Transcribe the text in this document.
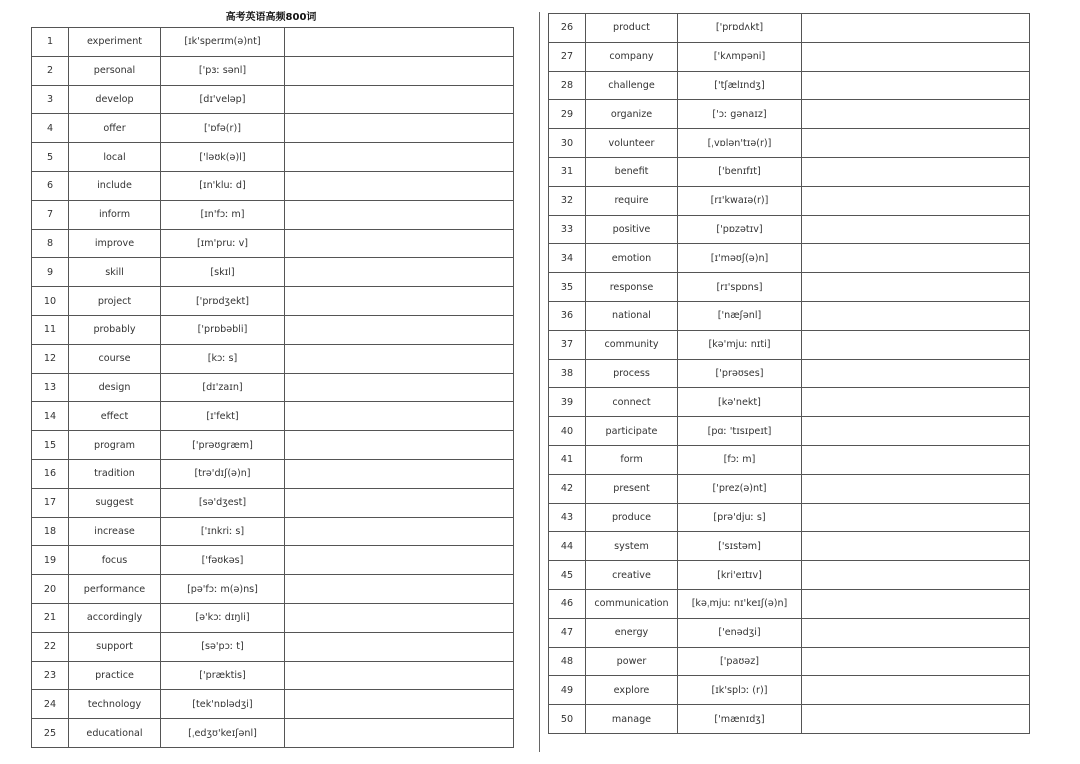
高考英语高频800词
1	experiment	[ɪk'sperɪm(ə)nt]	
2	personal	['pɜː sənl]	
3	develop	[dɪ'veləp]	
4	offer	['ɒfə(r)]	
5	local	['ləʊk(ə)l]	
6	include	[ɪn'kluː d]	
7	inform	[ɪn'fɔː m]	
8	improve	[ɪm'pruː v]	
9	skill	[skɪl]	
10	project	['prɒdʒekt]	
11	probably	['prɒbəbli]	
12	course	[kɔː s]	
13	design	[dɪ'zaɪn]	
14	effect	[ɪ'fekt]	
15	program	['prəʊgræm]	
16	tradition	[trə'dɪʃ(ə)n]	
17	suggest	[sə'dʒest]	
18	increase	['ɪnkriː s]	
19	focus	['fəʊkəs]	
20	performance	[pə'fɔː m(ə)ns]	
21	accordingly	[ə'kɔː dɪŋli]	
22	support	[sə'pɔː t]	
23	practice	['præktis]	
24	technology	[tek'nɒlədʒi]	
25	educational	[ˌedʒʊ'keɪʃənl]	
26	product	['prɒdʌkt]	
27	company	['kʌmpəni]	
28	challenge	['tʃælɪndʒ]	
29	organize	['ɔː gənaɪz]	
30	volunteer	[ˌvɒlən'tɪə(r)]	
31	benefit	['benɪfɪt]	
32	require	[rɪ'kwaɪə(r)]	
33	positive	['pɒzətɪv]	
34	emotion	[ɪ'məʊʃ(ə)n]	
35	response	[rɪ'spɒns]	
36	national	['næʃənl]	
37	community	[kə'mjuː nɪti]	
38	process	['prəʊses]	
39	connect	[kə'nekt]	
40	participate	[pɑː 'tɪsɪpeɪt]	
41	form	[fɔː m]	
42	present	['prez(ə)nt]	
43	produce	[prə'djuː s]	
44	system	['sɪstəm]	
45	creative	[kri'eɪtɪv]	
46	communication	[kəˌmjuː nɪ'keɪʃ(ə)n]	
47	energy	['enədʒi]	
48	power	['paʊəz]	
49	explore	[ɪk'splɔː (r)]	
50	manage	['mænɪdʒ]	
